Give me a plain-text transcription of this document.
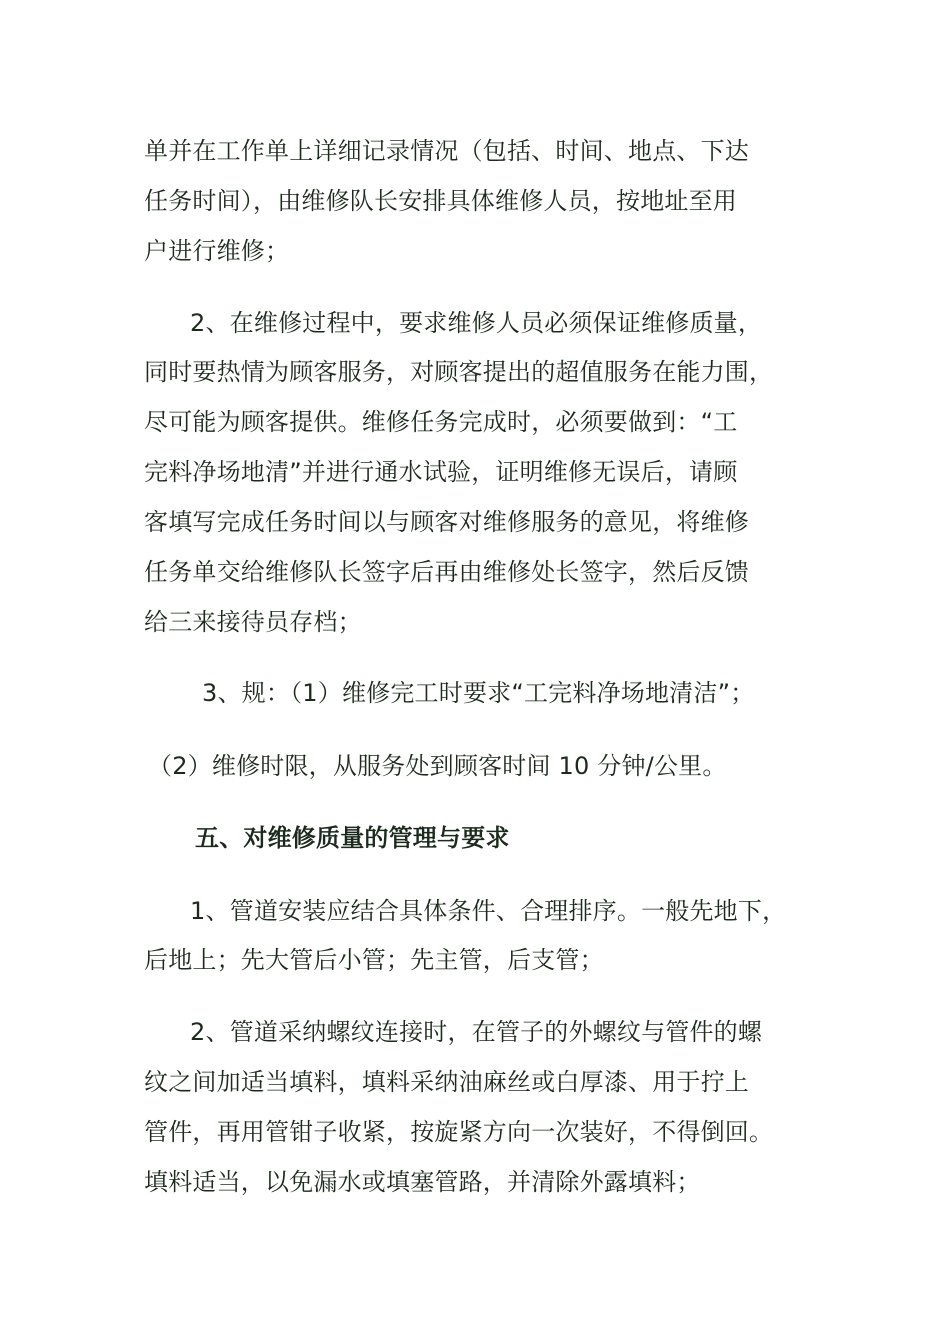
单并在工作单上详细记录情况（包括、时间、地点、下达
任务时间），由维修队长安排具体维修人员，按地址至用
户进行维修；
2、在维修过程中，要求维修人员必须保证维修质量，
同时要热情为顾客服务，对顾客提出的超值服务在能力围，
尽可能为顾客提供。维修任务完成时，必须要做到：“工
完料净场地清”并进行通水试验，证明维修无误后，请顾
客填写完成任务时间以与顾客对维修服务的意见，将维修
任务单交给维修队长签字后再由维修处长签字，然后反馈
给三来接待员存档；
3、规：（1）维修完工时要求“工完料净场地清洁”；
（2）维修时限，从服务处到顾客时间 10 分钟/公里。
五、对维修质量的管理与要求
1、管道安装应结合具体条件、合理排序。一般先地下，
后地上；先大管后小管；先主管，后支管；
2、管道采纳螺纹连接时，在管子的外螺纹与管件的螺
纹之间加适当填料，填料采纳油麻丝或白厚漆、用于拧上
管件，再用管钳子收紧，按旋紧方向一次装好，不得倒回。
填料适当，以免漏水或填塞管路，并清除外露填料；
